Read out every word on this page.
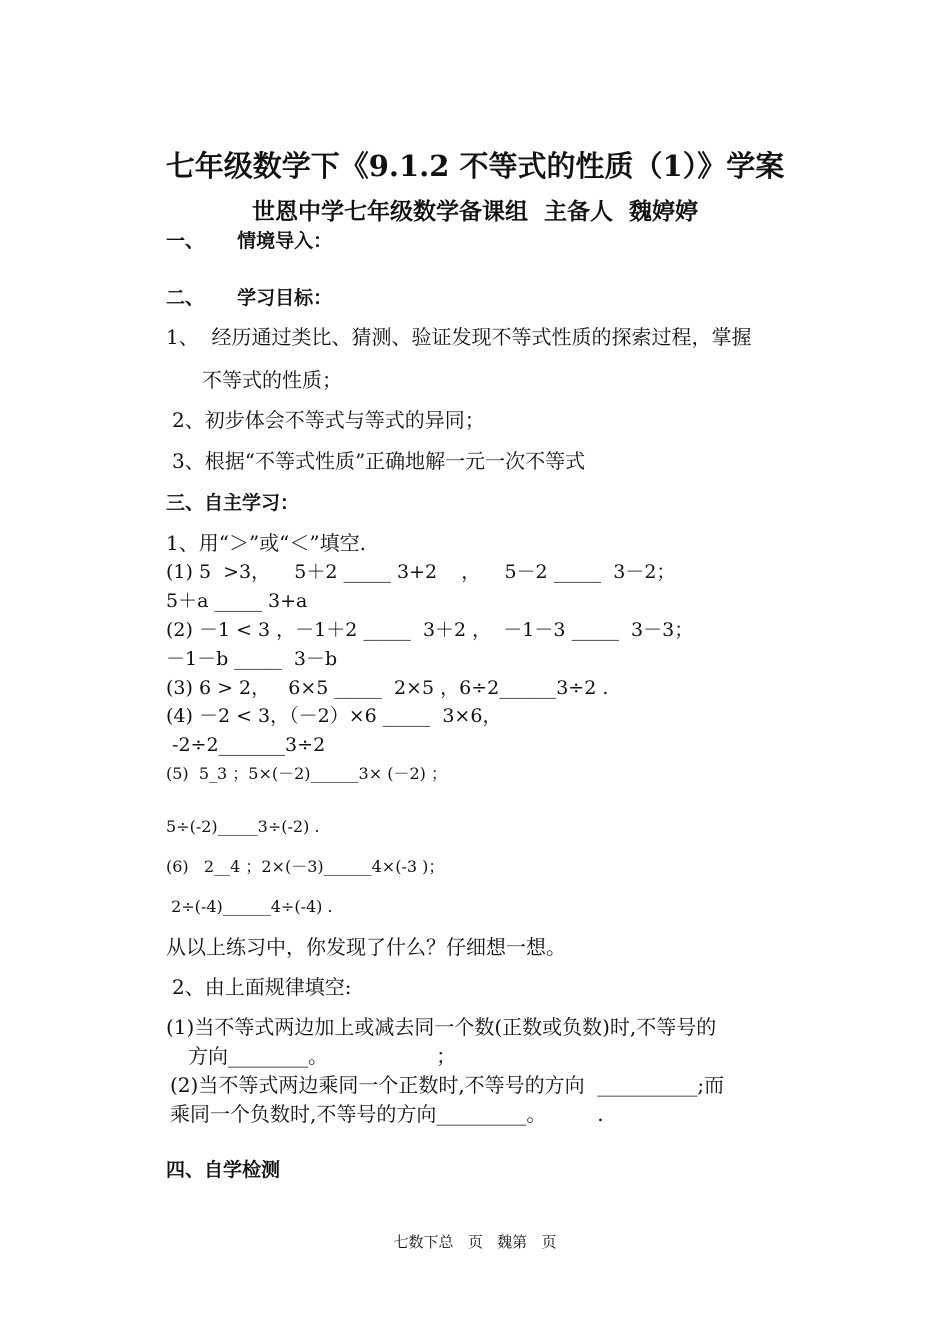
七年级数学下《9.1.2 不等式的性质（1）》学案
世恩中学七年级数学备课组  主备人  魏婷婷
一、     情境导入：
二、     学习目标：
1、  经历通过类比、猜测、验证发现不等式性质的探索过程，掌握
不等式的性质；
2、初步体会不等式与等式的异同；
3、根据“不等式性质”正确地解一元一次不等式
三、自主学习：
1、用“＞”或“＜”填空.
(1) 5  >3，    5＋2 _____ 3+2    ，    5－2 _____  3－2；
5＋a _____ 3+a
(2) －1 < 3 ，－1＋2 _____  3＋2 ，  －1－3 _____  3－3；
－1－b _____  3－b
(3) 6 > 2，   6×5 _____  2×5 ，6÷2______3÷2 .
(4) －2 < 3，（－2）×6 _____  3×6，
-2÷2_______3÷2
(5)  5_3 ；5×(－2)______3× (－2) ；
5÷(-2)_____3÷(-2) .
(6)   2__4 ；2×(－3)______4×(-3 )；
2÷(-4)______4÷(-4) .
从以上练习中，你发现了什么？仔细想一想。
2、由上面规律填空:
(1)当不等式两边加上或减去同一个数(正数或负数)时,不等号的
方向________。                 ；
(2)当不等式两边乘同一个正数时,不等号的方向  __________;而
乘同一个负数时,不等号的方向_________。        .
四、自学检测
七数下总   页   魏第   页
